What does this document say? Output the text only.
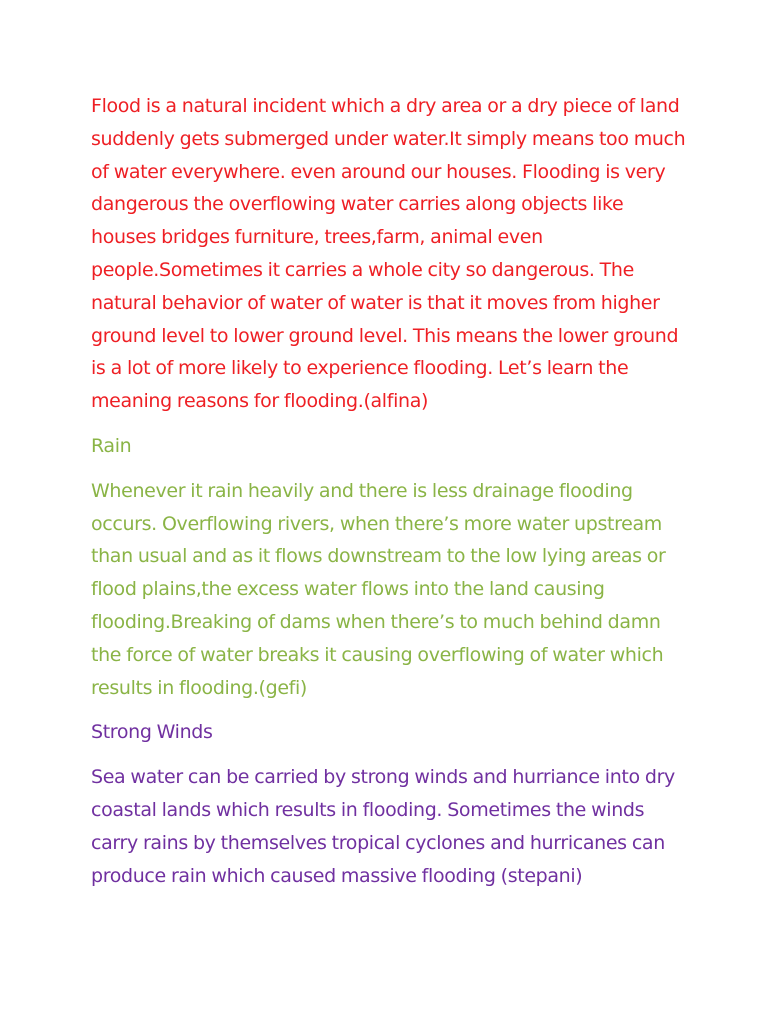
Flood is a natural incident which a dry area or a dry piece of land suddenly gets submerged under water.It simply means too much of water everywhere. even around our houses. Flooding is very dangerous the overflowing water carries along objects like houses bridges furniture, trees,farm, animal even people.Sometimes it carries a whole city so dangerous. The natural behavior of water of water is that it moves from higher ground level to lower ground level. This means the lower ground is a lot of more likely to experience flooding. Let’s learn the meaning reasons for flooding.(alfina)

Rain

Whenever it rain heavily and there is less drainage flooding occurs. Overflowing rivers, when there’s more water upstream than usual and as it flows downstream to the low lying areas or flood plains,the excess water flows into the land causing flooding.Breaking of dams when there’s to much behind damn the force of water breaks it causing overflowing of water which results in flooding.(gefi)

Strong Winds

Sea water can be carried by strong winds and hurriance into dry coastal lands which results in flooding. Sometimes the winds carry rains by themselves tropical cyclones and hurricanes can produce rain which caused massive flooding (stepani)
